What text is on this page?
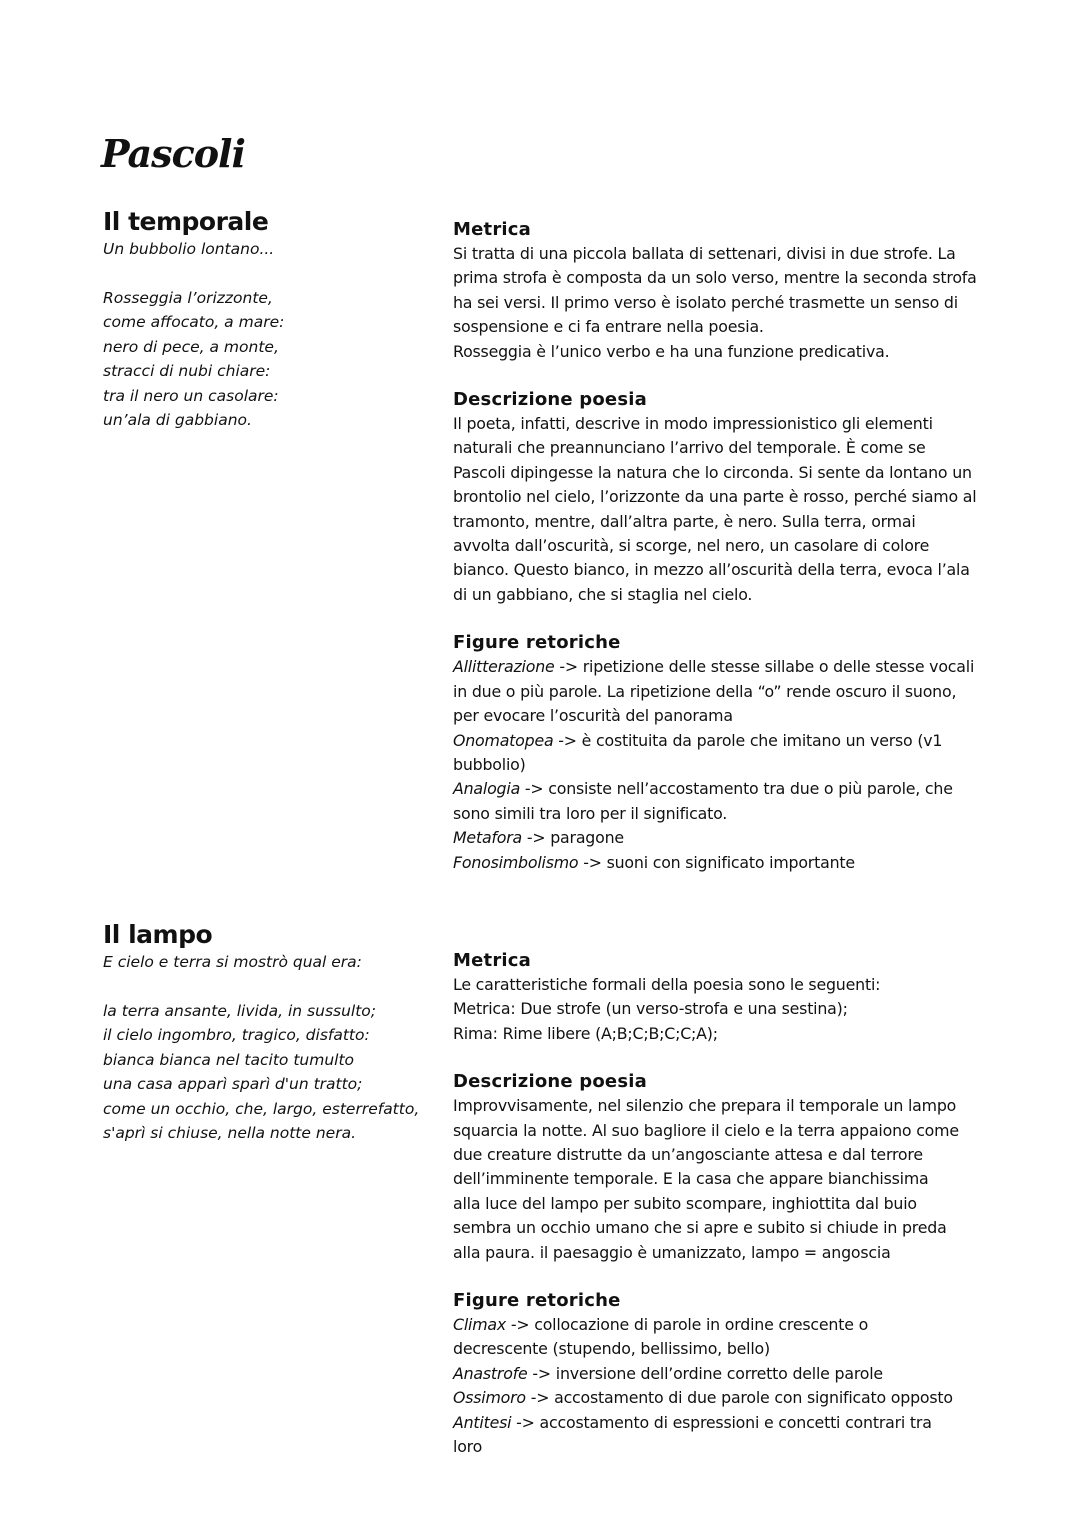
Pascoli
Il temporale

Un bubbolio lontano...

Rosseggia l’orizzonte,

come affocato, a mare:

nero di pece, a monte,

stracci di nubi chiare:

tra il nero un casolare:

un’ala di gabbiano.

Metrica

Si tratta di una piccola ballata di settenari, divisi in due strofe. La

prima strofa è composta da un solo verso, mentre la seconda strofa

ha sei versi. Il primo verso è isolato perché trasmette un senso di

sospensione e ci fa entrare nella poesia.

Rosseggia è l’unico verbo e ha una funzione predicativa.

Descrizione poesia

Il poeta, infatti, descrive in modo impressionistico gli elementi

naturali che preannunciano l’arrivo del temporale. È come se

Pascoli dipingesse la natura che lo circonda. Si sente da lontano un

brontolio nel cielo, l’orizzonte da una parte è rosso, perché siamo al

tramonto, mentre, dall’altra parte, è nero. Sulla terra, ormai

avvolta dall’oscurità, si scorge, nel nero, un casolare di colore

bianco. Questo bianco, in mezzo all’oscurità della terra, evoca l’ala

di un gabbiano, che si staglia nel cielo.

Figure retoriche

Allitterazione -> ripetizione delle stesse sillabe o delle stesse vocali

in due o più parole. La ripetizione della “o” rende oscuro il suono,

per evocare l’oscurità del panorama

Onomatopea -> è costituita da parole che imitano un verso (v1

bubbolio)

Analogia -> consiste nell’accostamento tra due o più parole, che

sono simili tra loro per il significato.

Metafora -> paragone

Fonosimbolismo -> suoni con significato importante

Il lampo

E cielo e terra si mostrò qual era:

la terra ansante, livida, in sussulto;

il cielo ingombro, tragico, disfatto:

bianca bianca nel tacito tumulto

una casa apparì sparì d'un tratto;

come un occhio, che, largo, esterrefatto,

s'aprì si chiuse, nella notte nera.

Metrica

Le caratteristiche formali della poesia sono le seguenti:

Metrica: Due strofe (un verso-strofa e una sestina);

Rima: Rime libere (A;B;C;B;C;C;A);

Descrizione poesia

Improvvisamente, nel silenzio che prepara il temporale un lampo

squarcia la notte. Al suo bagliore il cielo e la terra appaiono come

due creature distrutte da un’angosciante attesa e dal terrore

dell’imminente temporale. E la casa che appare bianchissima

alla luce del lampo per subito scompare, inghiottita dal buio

sembra un occhio umano che si apre e subito si chiude in preda

alla paura. il paesaggio è umanizzato, lampo = angoscia

Figure retoriche

Climax -> collocazione di parole in ordine crescente o

decrescente (stupendo, bellissimo, bello)

Anastrofe -> inversione dell’ordine corretto delle parole

Ossimoro -> accostamento di due parole con significato opposto

Antitesi -> accostamento di espressioni e concetti contrari tra

loro
